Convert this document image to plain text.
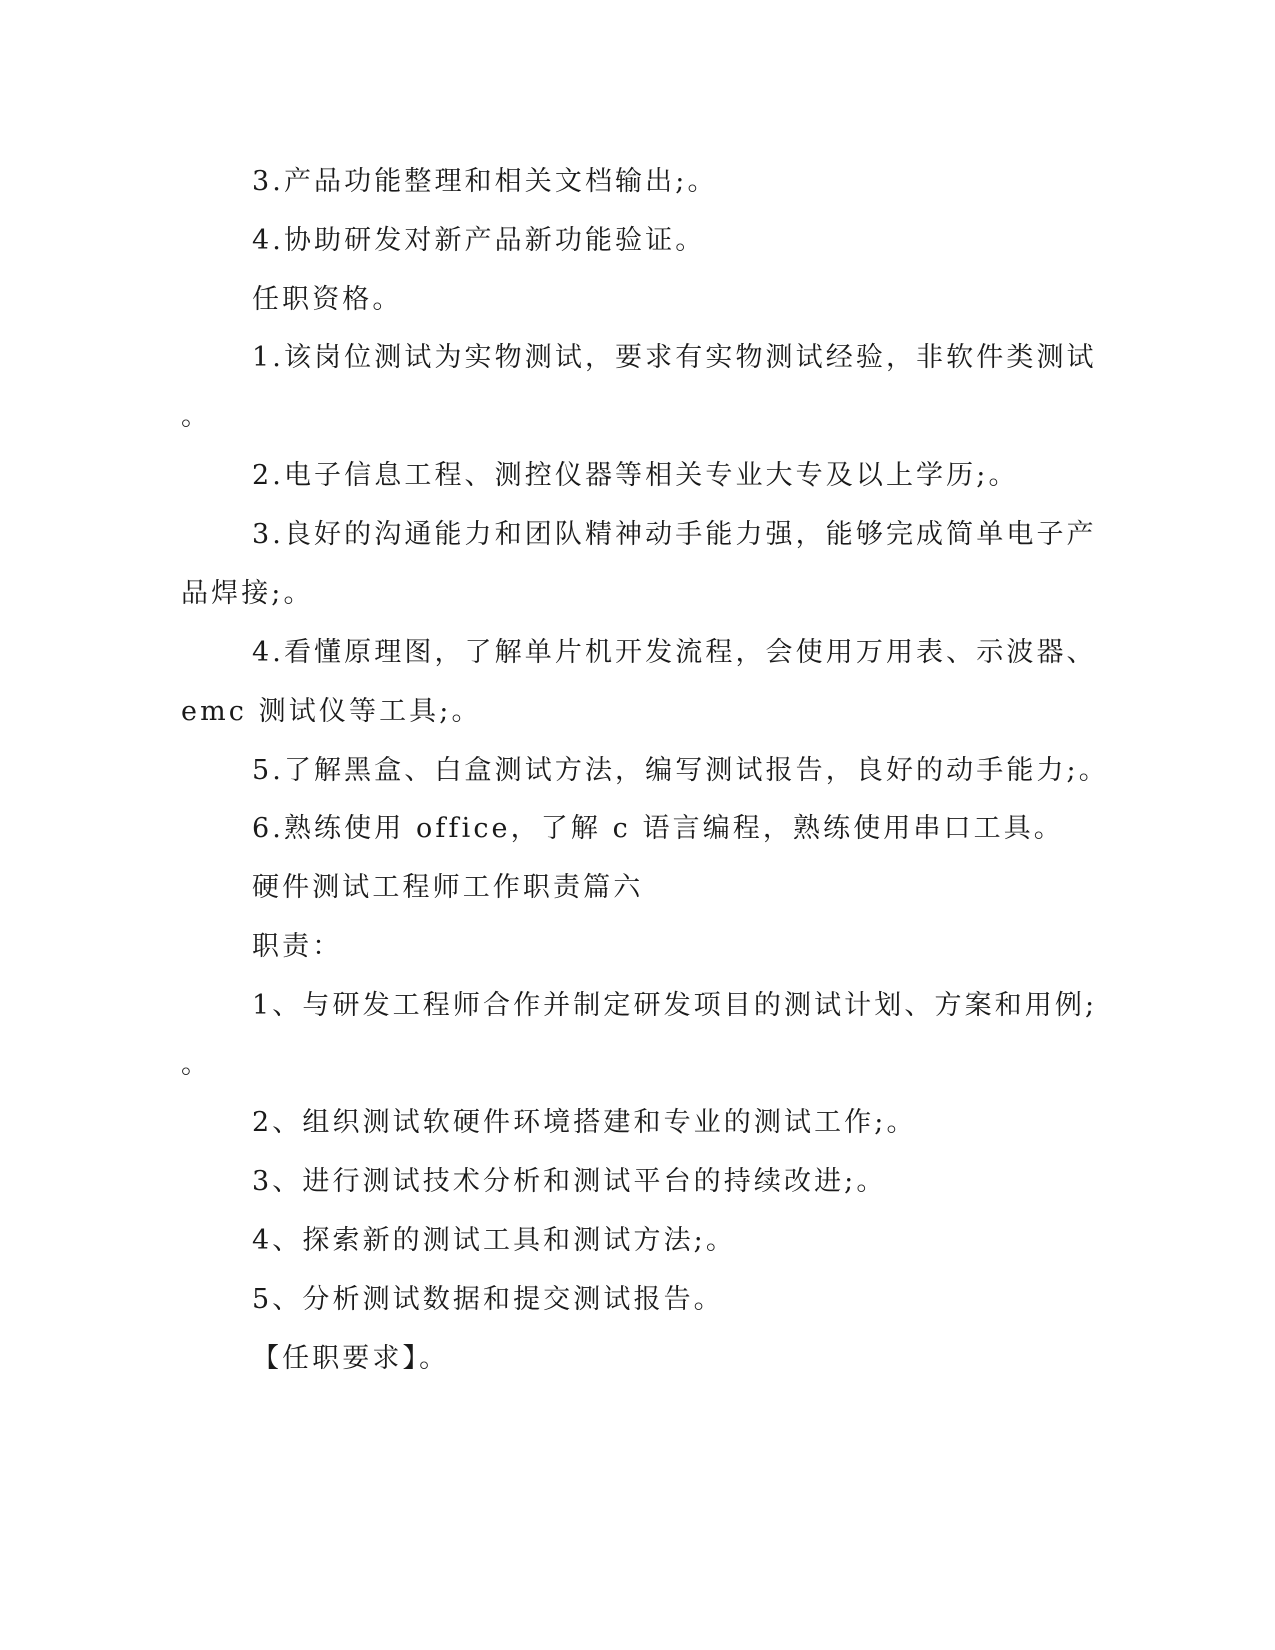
3.产品功能整理和相关文档输出;。

4.协助研发对新产品新功能验证。

任职资格。

1.该岗位测试为实物测试，要求有实物测试经验，非软件类测试

。

2.电子信息工程、测控仪器等相关专业大专及以上学历;。

3.良好的沟通能力和团队精神动手能力强，能够完成简单电子产

品焊接;。

4.看懂原理图，了解单片机开发流程，会使用万用表、示波器、

emc 测试仪等工具;。

5.了解黑盒、白盒测试方法，编写测试报告，良好的动手能力;。

6.熟练使用 office，了解 c 语言编程，熟练使用串口工具。

硬件测试工程师工作职责篇六

职责：

1、与研发工程师合作并制定研发项目的测试计划、方案和用例;

。

2、组织测试软硬件环境搭建和专业的测试工作;。

3、进行测试技术分析和测试平台的持续改进;。

4、探索新的测试工具和测试方法;。

5、分析测试数据和提交测试报告。

【任职要求】。
